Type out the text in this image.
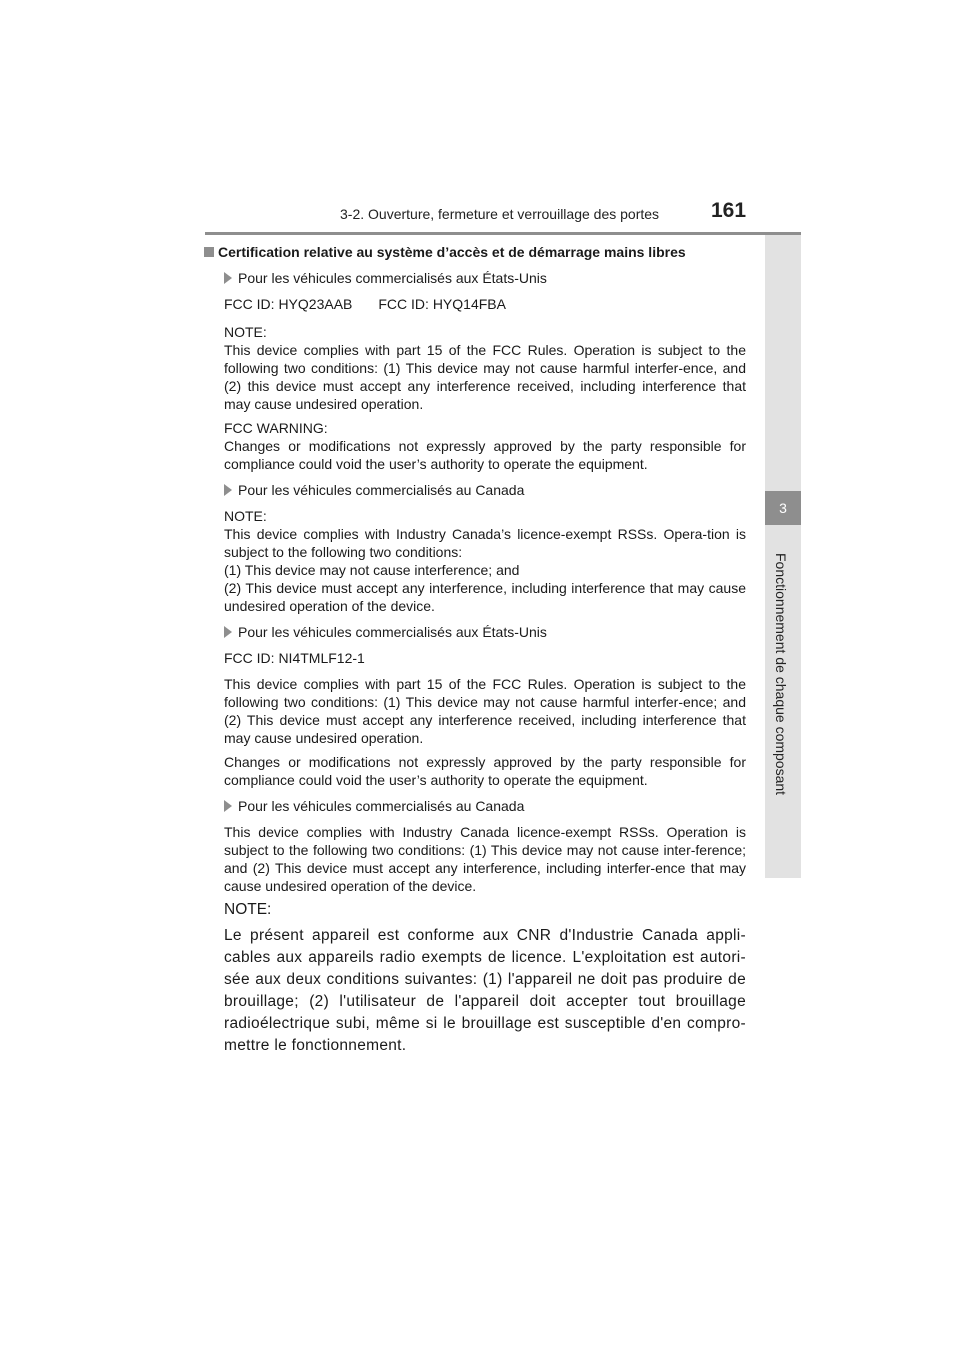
3-2. Ouverture, fermeture et verrouillage des portes 161
3
Fonctionnement de chaque composant
Certification relative au système d’accès et de démarrage mains libres
Pour les véhicules commercialisés aux États-Unis
FCC ID: HYQ23AAB FCC ID: HYQ14FBA
NOTE:
This device complies with part 15 of the FCC Rules. Operation is subject to the following two conditions: (1) This device may not cause harmful interfer-ence, and (2) this device must accept any interference received, including interference that may cause undesired operation.
FCC WARNING:
Changes or modifications not expressly approved by the party responsible for compliance could void the user’s authority to operate the equipment.
Pour les véhicules commercialisés au Canada
NOTE:
This device complies with Industry Canada’s licence-exempt RSSs. Opera-tion is subject to the following two conditions:
(1) This device may not cause interference; and
(2) This device must accept any interference, including interference that may cause undesired operation of the device.
Pour les véhicules commercialisés aux États-Unis
FCC ID: NI4TMLF12-1
This device complies with part 15 of the FCC Rules. Operation is subject to the following two conditions: (1) This device may not cause harmful interfer-ence; and (2) This device must accept any interference received, including interference that may cause undesired operation.
Changes or modifications not expressly approved by the party responsible for compliance could void the user’s authority to operate the equipment.
Pour les véhicules commercialisés au Canada
This device complies with Industry Canada licence-exempt RSSs. Operation is subject to the following two conditions: (1) This device may not cause inter-ference; and (2) This device must accept any interference, including interfer-ence that may cause undesired operation of the device.
NOTE:
Le présent appareil est conforme aux CNR d'Industrie Canada appli-cables aux appareils radio exempts de licence. L'exploitation est autori-sée aux deux conditions suivantes: (1) l'appareil ne doit pas produire de brouillage; (2) l'utilisateur de l'appareil doit accepter tout brouillage radioélectrique subi, même si le brouillage est susceptible d'en compro-mettre le fonctionnement.
